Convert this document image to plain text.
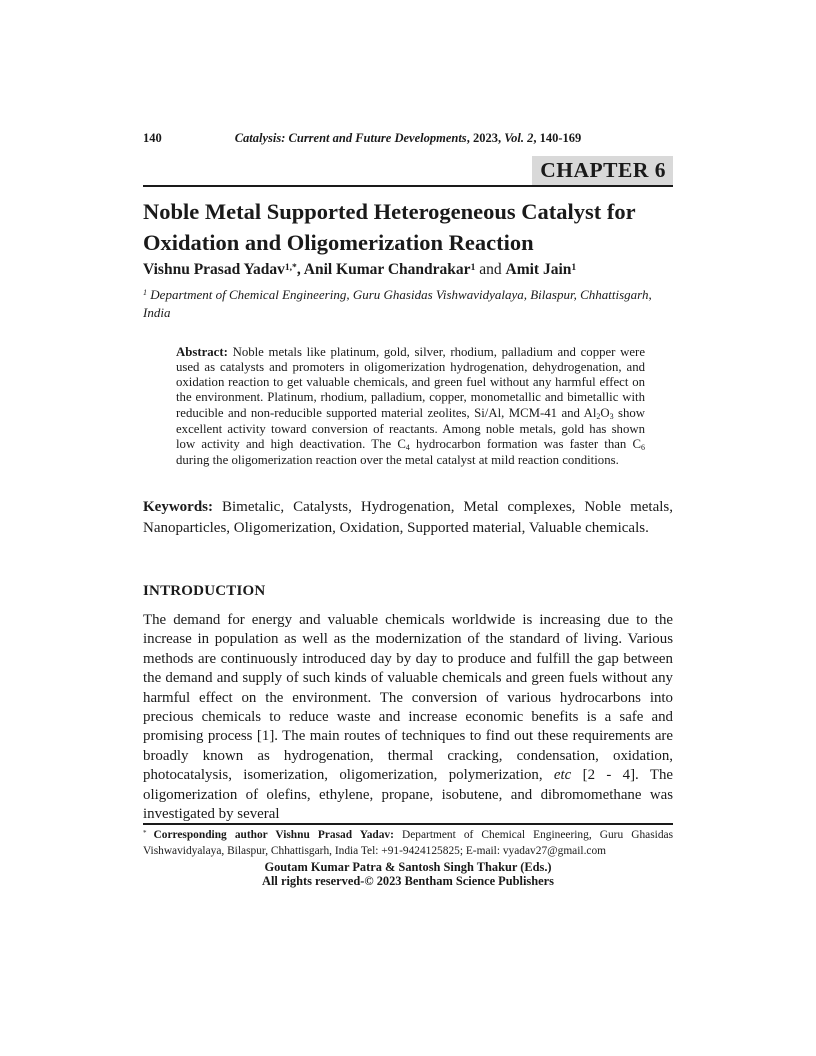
140	Catalysis: Current and Future Developments, 2023, Vol. 2, 140-169
CHAPTER 6
Noble Metal Supported Heterogeneous Catalyst for
Oxidation and Oligomerization Reaction
Vishnu Prasad Yadav$^{1,*}$, Anil Kumar Chandrakar$^1$ and Amit Jain$^1$
$^1$ Department of Chemical Engineering, Guru Ghasidas Vishwavidyalaya, Bilaspur, Chhattisgarh, India
Abstract: Noble metals like platinum, gold, silver, rhodium, palladium and copper were used as catalysts and promoters in oligomerization hydrogenation, dehydrogenation, and oxidation reaction to get valuable chemicals, and green fuel without any harmful effect on the environment. Platinum, rhodium, palladium, copper, monometallic and bimetallic with reducible and non-reducible supported material zeolites, Si/Al, MCM-41 and Al2O3 show excellent activity toward conversion of reactants. Among noble metals, gold has shown low activity and high deactivation. The C4 hydrocarbon formation was faster than C6 during the oligomerization reaction over the metal catalyst at mild reaction conditions.
Keywords: Bimetalic, Catalysts, Hydrogenation, Metal complexes, Noble metals, Nanoparticles, Oligomerization, Oxidation, Supported material, Valuable chemicals.
INTRODUCTION
The demand for energy and valuable chemicals worldwide is increasing due to the increase in population as well as the modernization of the standard of living. Various methods are continuously introduced day by day to produce and fulfill the gap between the demand and supply of such kinds of valuable chemicals and green fuels without any harmful effect on the environment. The conversion of various hydrocarbons into precious chemicals to reduce waste and increase economic benefits is a safe and promising process [1]. The main routes of techniques to find out these requirements are broadly known as hydrogenation, thermal cracking, condensation, oxidation, photocatalysis, isomerization, oligomerization, polymerization, etc [2 - 4]. The oligomerization of olefins, ethylene, propane, isobutene, and dibromomethane was investigated by several
* Corresponding author Vishnu Prasad Yadav: Department of Chemical Engineering, Guru Ghasidas Vishwavidyalaya, Bilaspur, Chhattisgarh, India Tel: +91-9424125825; E-mail: vyadav27@gmail.com
Goutam Kumar Patra & Santosh Singh Thakur (Eds.)
All rights reserved-© 2023 Bentham Science Publishers
